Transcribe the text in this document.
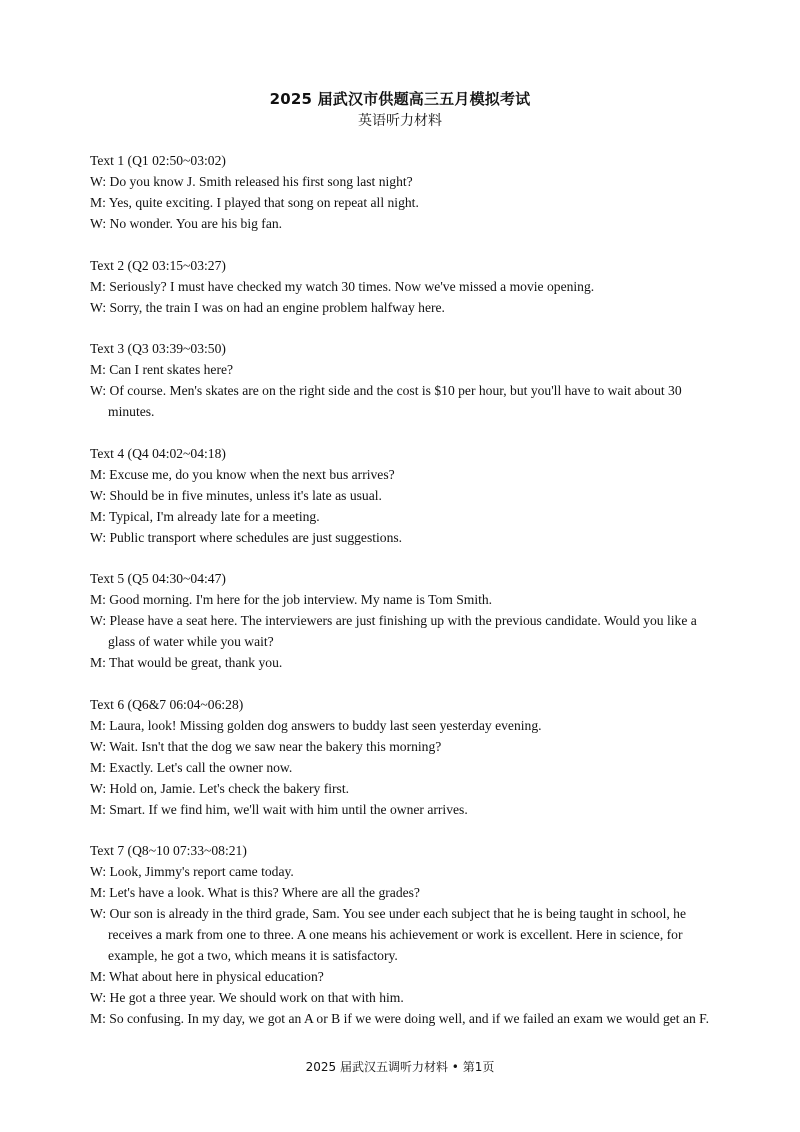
2025 届武汉市供题高三五月模拟考试
英语听力材料
Text 1 (Q1 02:50~03:02)
W: Do you know J. Smith released his first song last night?
M: Yes, quite exciting. I played that song on repeat all night.
W: No wonder. You are his big fan.
Text 2 (Q2 03:15~03:27)
M: Seriously? I must have checked my watch 30 times. Now we've missed a movie opening.
W: Sorry, the train I was on had an engine problem halfway here.
Text 3 (Q3 03:39~03:50)
M: Can I rent skates here?
W: Of course. Men's skates are on the right side and the cost is $10 per hour, but you'll have to wait about 30 minutes.
Text 4 (Q4 04:02~04:18)
M: Excuse me, do you know when the next bus arrives?
W: Should be in five minutes, unless it's late as usual.
M: Typical, I'm already late for a meeting.
W: Public transport where schedules are just suggestions.
Text 5 (Q5 04:30~04:47)
M: Good morning. I'm here for the job interview. My name is Tom Smith.
W: Please have a seat here. The interviewers are just finishing up with the previous candidate. Would you like a glass of water while you wait?
M: That would be great, thank you.
Text 6 (Q6&7 06:04~06:28)
M: Laura, look! Missing golden dog answers to buddy last seen yesterday evening.
W: Wait. Isn't that the dog we saw near the bakery this morning?
M: Exactly. Let's call the owner now.
W: Hold on, Jamie. Let's check the bakery first.
M: Smart. If we find him, we'll wait with him until the owner arrives.
Text 7 (Q8~10 07:33~08:21)
W: Look, Jimmy's report came today.
M: Let's have a look. What is this? Where are all the grades?
W: Our son is already in the third grade, Sam. You see under each subject that he is being taught in school, he receives a mark from one to three. A one means his achievement or work is excellent. Here in science, for example, he got a two, which means it is satisfactory.
M: What about here in physical education?
W: He got a three year. We should work on that with him.
M: So confusing. In my day, we got an A or B if we were doing well, and if we failed an exam we would get an F.
2025 届武汉五调听力材料 • 第1页
